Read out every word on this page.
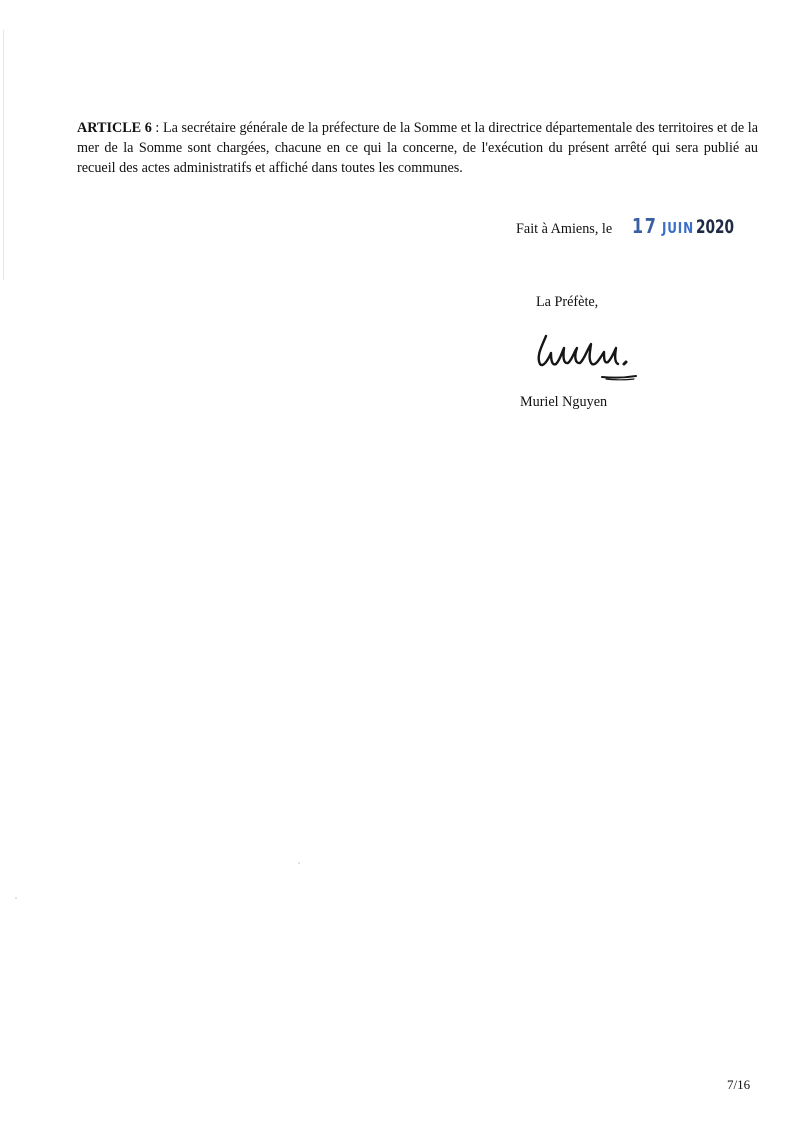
ARTICLE 6 : La secrétaire générale de la préfecture de la Somme et la directrice départementale des territoires et de la mer de la Somme sont chargées, chacune en ce qui la concerne, de l'exécution du présent arrêté qui sera publié au recueil des actes administratifs et affiché dans toutes les communes.

Fait à Amiens, le 17 JUIN 2020
La Préfète,
Muriel Nguyen
7/16
